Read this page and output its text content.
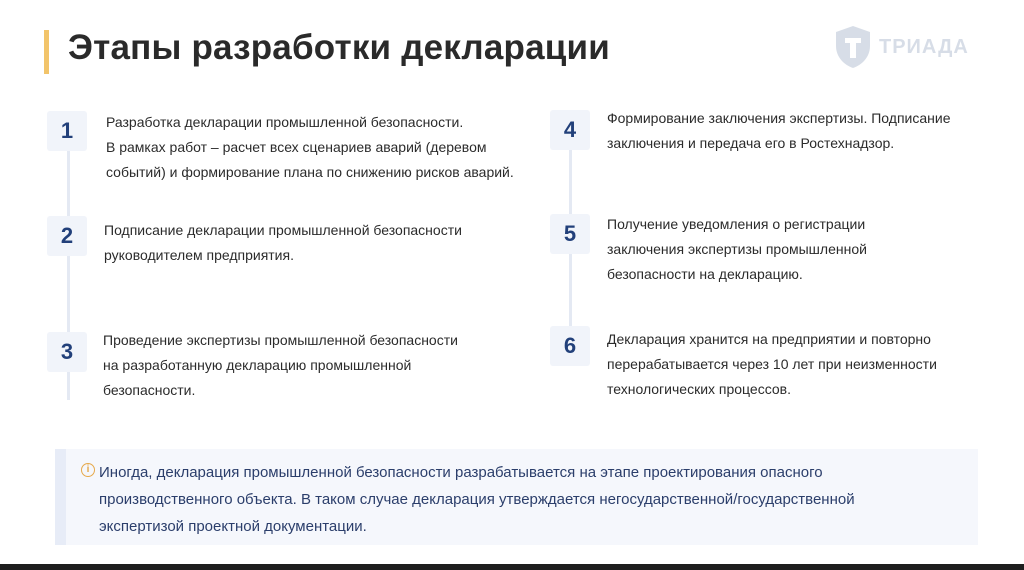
Этапы разработки декларации	ТРИАДА
1	Разработка декларации промышленной безопасности.
В рамках работ – расчет всех сценариев аварий (деревом
событий) и формирование плана по снижению рисков аварий.
2	Подписание декларации промышленной безопасности
руководителем предприятия.
3	Проведение экспертизы промышленной безопасности
на разработанную декларацию промышленной
безопасности.
4	Формирование заключения экспертизы. Подписание
заключения и передача его в Ростехнадзор.
5	Получение уведомления о регистрации
заключения экспертизы промышленной
безопасности на декларацию.
6	Декларация хранится на предприятии и повторно
перерабатывается через 10 лет при неизменности
технологических процессов.
i Иногда, декларация промышленной безопасности разрабатывается на этапе проектирования опасного
производственного объекта. В таком случае декларация утверждается негосударственной/государственной
экспертизой проектной документации.
